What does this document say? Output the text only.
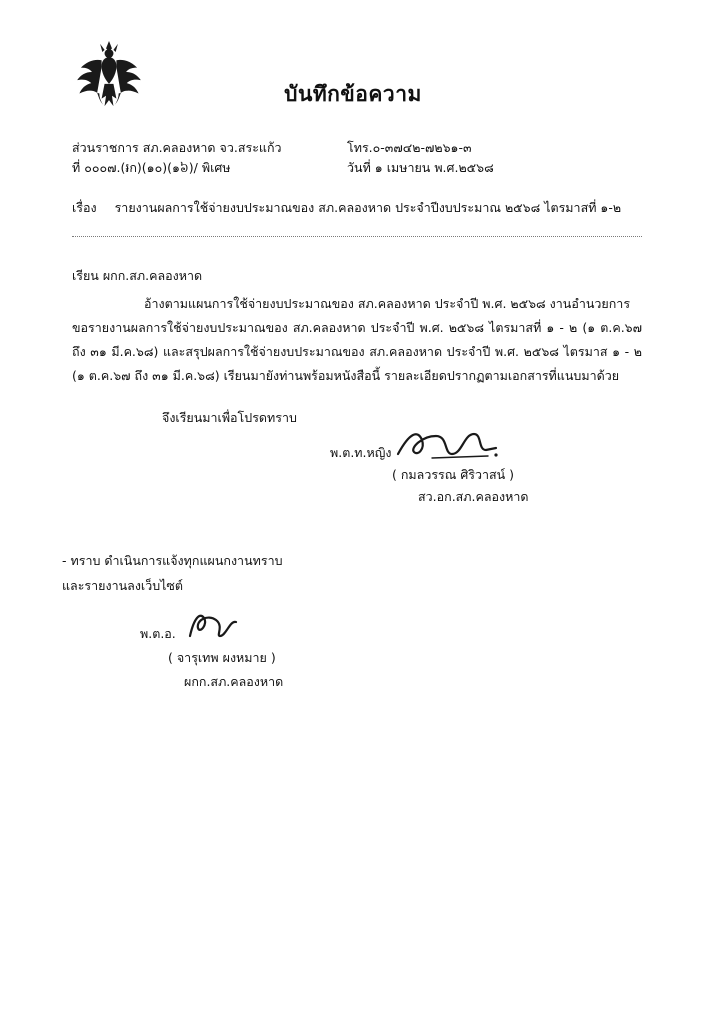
บันทึกข้อความ
ส่วนราชการ สภ.คลองหาด จว.สระแก้ว	โทร.๐-๓๗๔๒-๗๒๖๑-๓
ที่ ๐๐๐๗.(៛ก)(๑๐)(๑៦)/ พิเศษ	วันที่ ๑ เมษายน พ.ศ.๒๕๖๘
เรื่อง รายงานผลการใช้จ่ายงบประมาณของ สภ.คลองหาด ประจำปีงบประมาณ ๒๕๖๘ ไตรมาสที่ ๑-๒
เรียน ผกก.สภ.คลองหาด

อ้างตามแผนการใช้จ่ายงบประมาณของ สภ.คลองหาด ประจำปี พ.ศ. ๒๕๖๘ งานอำนวยการ

ขอรายงานผลการใช้จ่ายงบประมาณของ สภ.คลองหาด ประจำปี พ.ศ. ๒๕๖๘ ไตรมาสที่ ๑ - ๒ (๑ ต.ค.๖๗ ถึง ๓๑ มี.ค.๖๘) และสรุปผลการใช้จ่ายงบประมาณของ สภ.คลองหาด ประจำปี พ.ศ. ๒๕๖๘ ไตรมาส ๑ - ๒ (๑ ต.ค.๖๗ ถึง ๓๑ มี.ค.๖๘) เรียนมายังท่านพร้อมหนังสือนี้ รายละเอียดปรากฏตามเอกสารที่แนบมาด้วย

จึงเรียนมาเพื่อโปรดทราบ
พ.ต.ท.หญิง
( กมลวรรณ ศิริวาสน์ )
สว.อก.สภ.คลองหาด
- ทราบ ดำเนินการแจ้งทุกแผนกงานทราบ
และรายงานลงเว็บไซต์
พ.ต.อ.
( จารุเทพ ผงหมาย )
ผกก.สภ.คลองหาด
